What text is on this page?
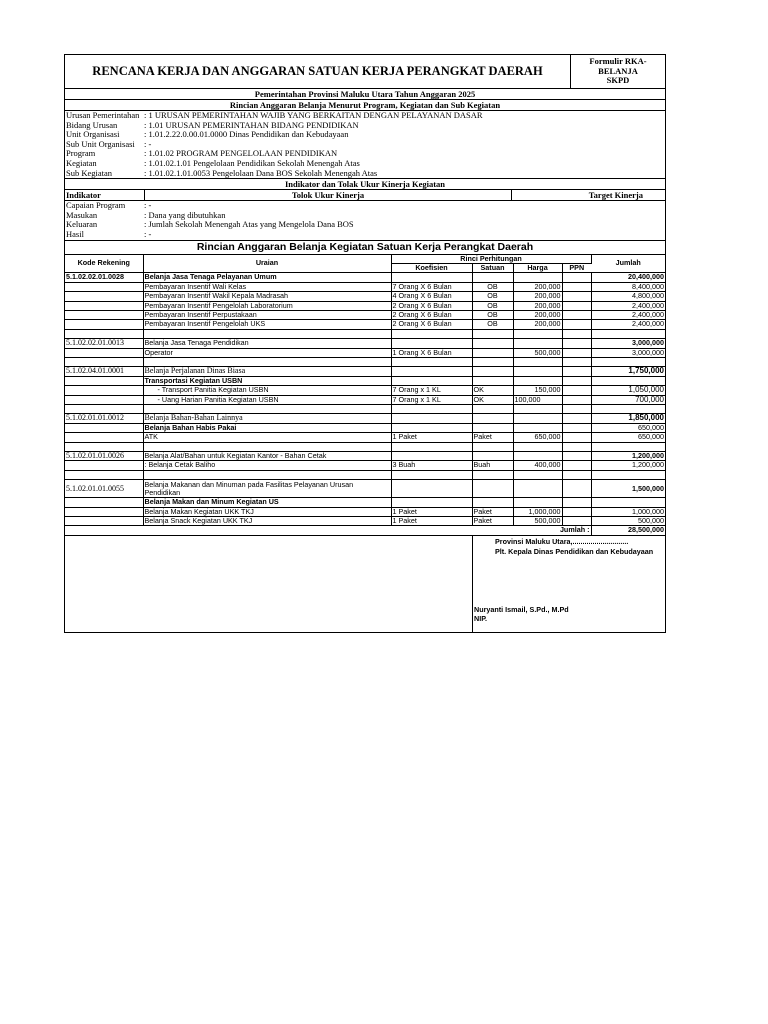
RENCANA KERJA DAN ANGGARAN SATUAN KERJA PERANGKAT DAERAH
Formulir RKA-
BELANJA
SKPD
Pemerintahan Provinsi Maluku Utara Tahun Anggaran 2025
Rincian Anggaran Belanja Menurut Program, Kegiatan dan Sub Kegiatan
Urusan Pemerintahan : 1 URUSAN PEMERINTAHAN WAJIB YANG BERKAITAN DENGAN PELAYANAN DASAR
Bidang Urusan	: 1.01 URUSAN PEMERINTAHAN BIDANG PENDIDIKAN
Unit Organisasi	: 1.01.2.22.0.00.01.0000 Dinas Pendidikan dan Kebudayaan
Sub Unit Organisasi : -
Program	: 1.01.02 PROGRAM PENGELOLAAN PENDIDIKAN
Kegiatan	: 1.01.02.1.01 Pengelolaan Pendidikan Sekolah Menengah Atas
Sub Kegiatan	: 1.01.02.1.01.0053 Pengelolaan Dana BOS Sekolah Menengah Atas
Indikator dan Tolak Ukur Kinerja Kegiatan
Indikator	Tolok Ukur Kinerja	Target Kinerja
Capaian Program : -
Masukan	: Dana yang dibutuhkan
Keluaran	: Jumlah Sekolah Menengah Atas yang Mengelola Dana BOS
Hasil	: -
Rincian Anggaran Belanja Kegiatan Satuan Kerja Perangkat Daerah
Kode Rekening	Uraian	Rinci Perhitungan				Jumlah
		Koefisien	Satuan	Harga	PPN	
5.1.02.02.01.0028	Belanja Jasa Tenaga Pelayanan Umum					20,400,000
	Pembayaran Insentif Wali Kelas	7 Orang X 6 Bulan	OB	200,000		8,400,000
	Pembayaran Insentif Wakil Kepala Madrasah	4 Orang X 6 Bulan	OB	200,000		4,800,000
	Pembayaran Insentif Pengelolah Laboratorium	2 Orang X 6 Bulan	OB	200,000		2,400,000
	Pembayaran Insentif Perpustakaan	2 Orang X 6 Bulan	OB	200,000		2,400,000
	Pembayaran Insentif Pengelolah UKS	2 Orang X 6 Bulan	OB	200,000		2,400,000

5.1.02.02.01.0013	Belanja Jasa Tenaga Pendidikan					3,000,000
	Operator	1 Orang X 6 Bulan		500,000		3,000,000

5.1.02.04.01.0001	Belanja Perjalanan Dinas Biasa					1,750,000
	Transportasi Kegiatan USBN					
	- Transport Panitia Kegiatan USBN	7 Orang x 1 KL	OK	150,000		1,050,000
	- Uang Harian Panitia Kegiatan USBN	7 Orang x 1 KL	OK	100,000		700,000

5.1.02.01.01.0012	Belanja Bahan-Bahan Lainnya					1,850,000
	Belanja Bahan Habis Pakai					650,000
	ATK	1 Paket	Paket	650,000		650,000

5.1.02.01.01.0026	Belanja Alat/Bahan untuk Kegiatan Kantor - Bahan Cetak					1,200,000
	: Belanja Cetak Baliho	3 Buah	Buah	400,000		1,200,000

5.1.02.01.01.0055	Belanja Makanan dan Minuman pada Fasilitas Pelayanan Urusan Pendidikan					1,500,000
	Belanja Makan dan Minum Kegiatan US					
	Belanja Makan Kegiatan UKK TKJ	1 Paket	Paket	1,000,000		1,000,000
	Belanja Snack Kegiatan UKK TKJ	1 Paket	Paket	500,000		500,000
				Jumlah :		28,500,000
Provinsi Maluku Utara,............................
Plt. Kepala Dinas Pendidikan dan Kebudayaan
Nuryanti Ismail, S.Pd., M.Pd
NIP.
